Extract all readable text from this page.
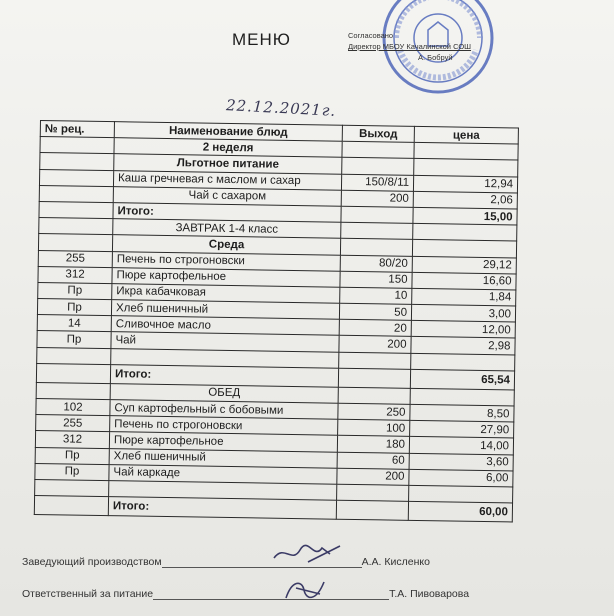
МЕНЮ	Согласовано
Директор МБОУ Качалинской СОШ
А. Бобруй
22.12.2021г.
№ рец.	Наименование блюд	Выход	цена
	2 неделя		
	Льготное питание		
	Каша гречневая с маслом и сахар	150/8/11	12,94
	Чай с сахаром	200	2,06
	Итого:		15,00
	ЗАВТРАК 1-4 класс		
	Среда		
255	Печень по строгоновски	80/20	29,12
312	Пюре картофельное	150	16,60
Пр	Икра кабачковая	10	1,84
Пр	Хлеб пшеничный	50	3,00
14	Сливочное масло	20	12,00
Пр	Чай	200	2,98

	Итого:		65,54
	ОБЕД		
102	Суп картофельный с бобовыми	250	8,50
255	Печень по строгоновски	100	27,90
312	Пюре картофельное	180	14,00
Пр	Хлеб пшеничный	60	3,60
Пр	Чай каркаде	200	6,00

	Итого:		60,00
Заведующий производством	А.А. Кисленко
Ответственный за питание	Т.А. Пивоварова
